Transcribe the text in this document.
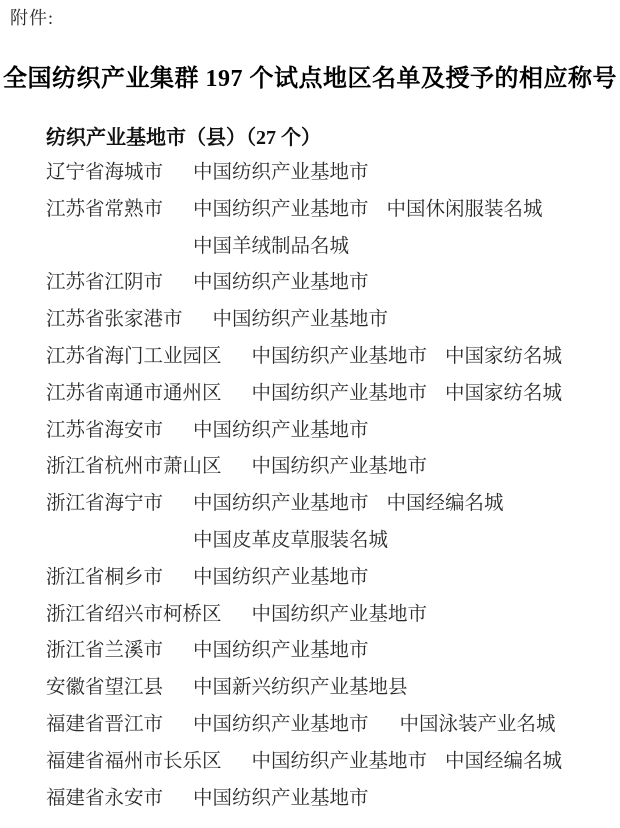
附件:
全国纺织产业集群 197 个试点地区名单及授予的相应称号
纺织产业基地市（县）（27 个）
辽宁省海城市 中国纺织产业基地市
江苏省常熟市 中国纺织产业基地市 中国休闲服装名城
中国羊绒制品名城
江苏省江阴市 中国纺织产业基地市
江苏省张家港市 中国纺织产业基地市
江苏省海门工业园区 中国纺织产业基地市 中国家纺名城
江苏省南通市通州区 中国纺织产业基地市 中国家纺名城
江苏省海安市 中国纺织产业基地市
浙江省杭州市萧山区 中国纺织产业基地市
浙江省海宁市 中国纺织产业基地市 中国经编名城
中国皮革皮草服装名城
浙江省桐乡市 中国纺织产业基地市
浙江省绍兴市柯桥区 中国纺织产业基地市
浙江省兰溪市 中国纺织产业基地市
安徽省望江县 中国新兴纺织产业基地县
福建省晋江市 中国纺织产业基地市 中国泳装产业名城
福建省福州市长乐区 中国纺织产业基地市 中国经编名城
福建省永安市 中国纺织产业基地市
